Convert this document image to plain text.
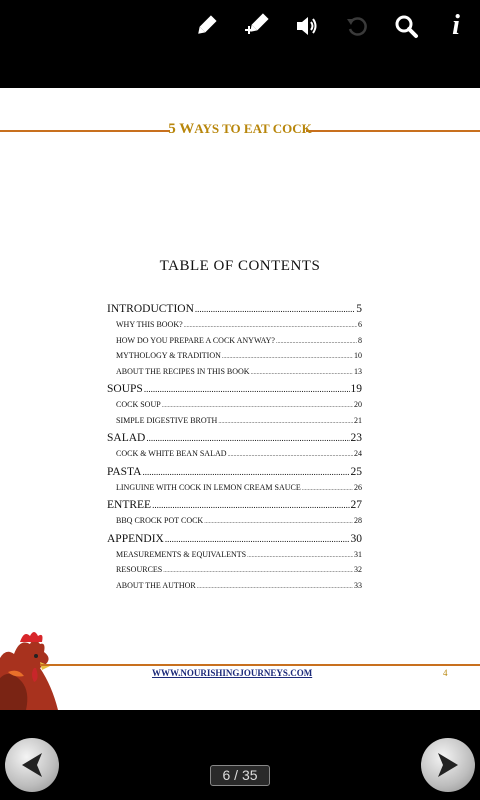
i
5 WAYS TO EAT COCK
TABLE OF CONTENTS
INTRODUCTION .....	5
WHY THIS BOOK? .....	6
HOW DO YOU PREPARE A COCK ANYWAY? .....	8
MYTHOLOGY & TRADITION .....	10
ABOUT THE RECIPES IN THIS BOOK .....	13
SOUPS .....	19
COCK SOUP .....	20
SIMPLE DIGESTIVE BROTH .....	21
SALAD .....	23
COCK & WHITE BEAN SALAD .....	24
PASTA .....	25
LINGUINE WITH COCK IN LEMON CREAM SAUCE .....	26
ENTREE .....	27
BBQ CROCK POT COCK .....	28
APPENDIX .....	30
MEASUREMENTS & EQUIVALENTS .....	31
RESOURCES .....	32
ABOUT THE AUTHOR .....	33
WWW.NOURISHINGJOURNEYS.COM	4
6 / 35
